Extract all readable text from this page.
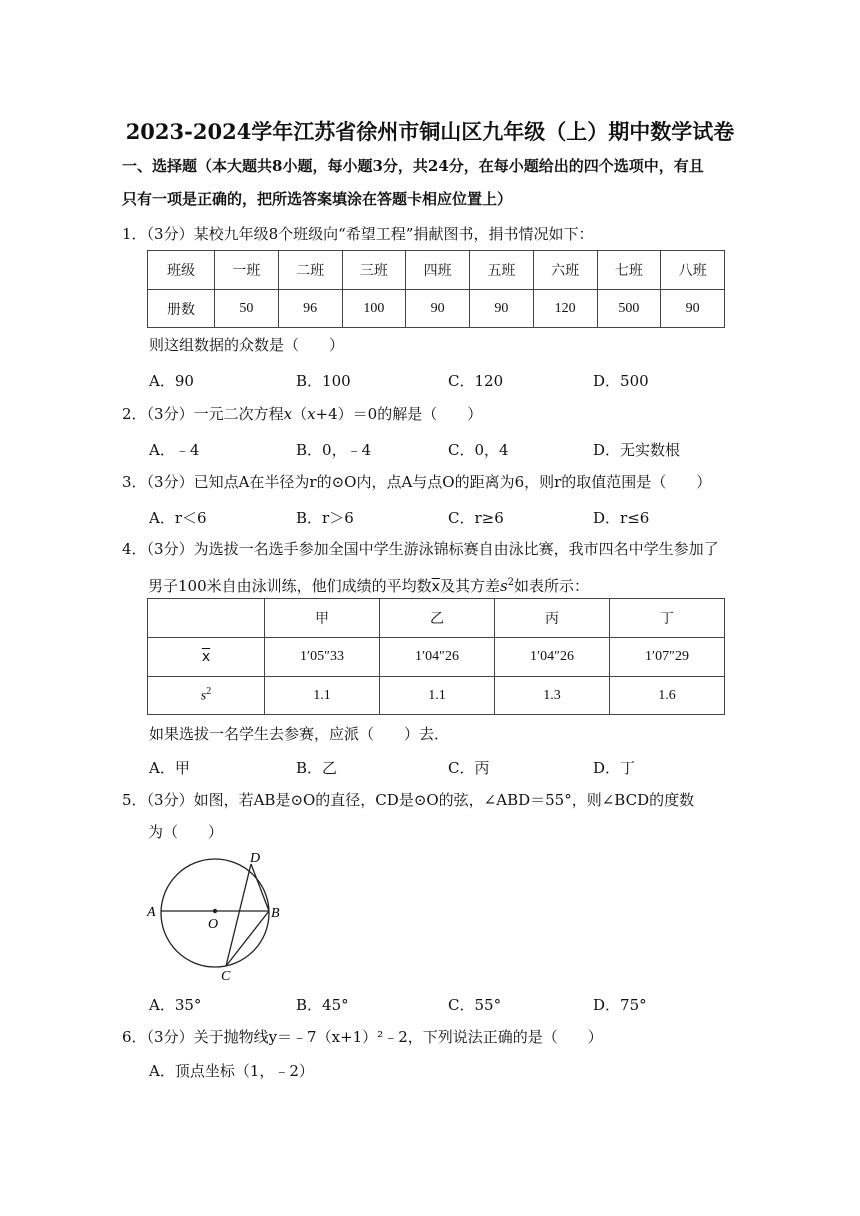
2023-2024学年江苏省徐州市铜山区九年级（上）期中数学试卷
一、选择题（本大题共8小题，每小题3分，共24分，在每小题给出的四个选项中，有且
只有一项是正确的，把所选答案填涂在答题卡相应位置上）
1．（3分）某校九年级8个班级向“希望工程”捐献图书，捐书情况如下：
班级	一班	二班	三班	四班	五班	六班	七班	八班
册数	50	96	100	90	90	120	500	90
则这组数据的众数是（　　）
A．90	B．100	C．120	D．500
2．（3分）一元二次方程x（x+4）＝0的解是（　　）
A．﹣4	B．0，﹣4	C．0，4	D．无实数根
3．（3分）已知点A在半径为r的⊙O内，点A与点O的距离为6，则r的取值范围是（　　）
A．r＜6	B．r＞6	C．r≥6	D．r≤6
4．（3分）为选拔一名选手参加全国中学生游泳锦标赛自由泳比赛，我市四名中学生参加了
男子100米自由泳训练，他们成绩的平均数$\overline{x}$及其方差$s^2$如表所示：
	甲	乙	丙	丁
$\overline{x}$	1′05″33	1′04″26	1′04″26	1′07″29
$s^2$	1.1	1.1	1.3	1.6
如果选拔一名学生去参赛，应派（　　）去．
A．甲	B．乙	C．丙	D．丁
5．（3分）如图，若AB是⊙O的直径，CD是⊙O的弦，∠ABD＝55°，则∠BCD的度数
为（　　）
A	B
C
D
O
A．35°	B．45°	C．55°	D．75°
6．（3分）关于抛物线y＝﹣7（x+1）²﹣2，下列说法正确的是（　　）
A．顶点坐标（1，﹣2）
